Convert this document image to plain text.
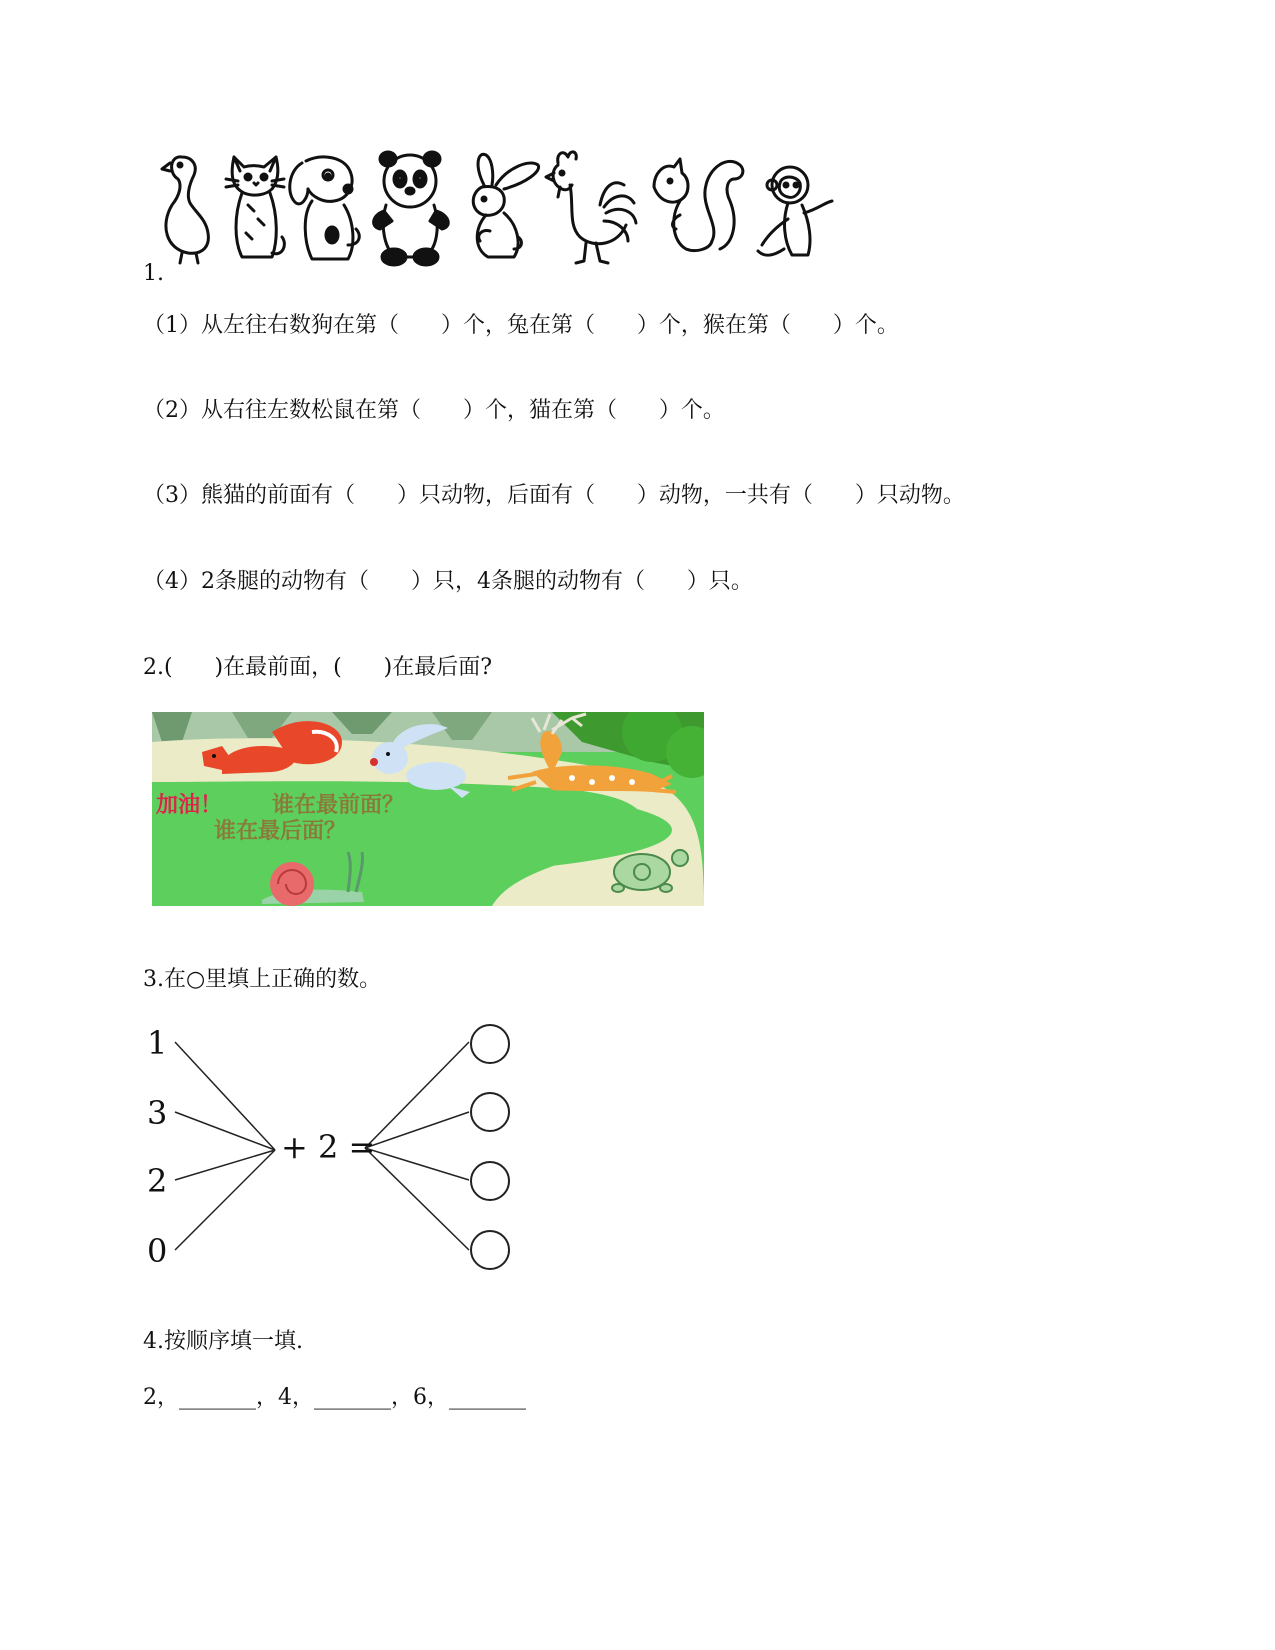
1.
（1）从左往右数狗在第（      ）个，兔在第（      ）个，猴在第（      ）个。
（2）从右往左数松鼠在第（      ）个，猫在第（      ）个。
（3）熊猫的前面有（      ）只动物，后面有（      ）动物，一共有（      ）只动物。
（4）2条腿的动物有（      ）只，4条腿的动物有（      ）只。
2.(      )在最前面，(      )在最后面?
加油！ 谁在最前面？
谁在最后面？
3.在○里填上正确的数。
1
3
2
0
+ 2 =
4.按顺序填一填.
2，_______，4，_______，6，_______
